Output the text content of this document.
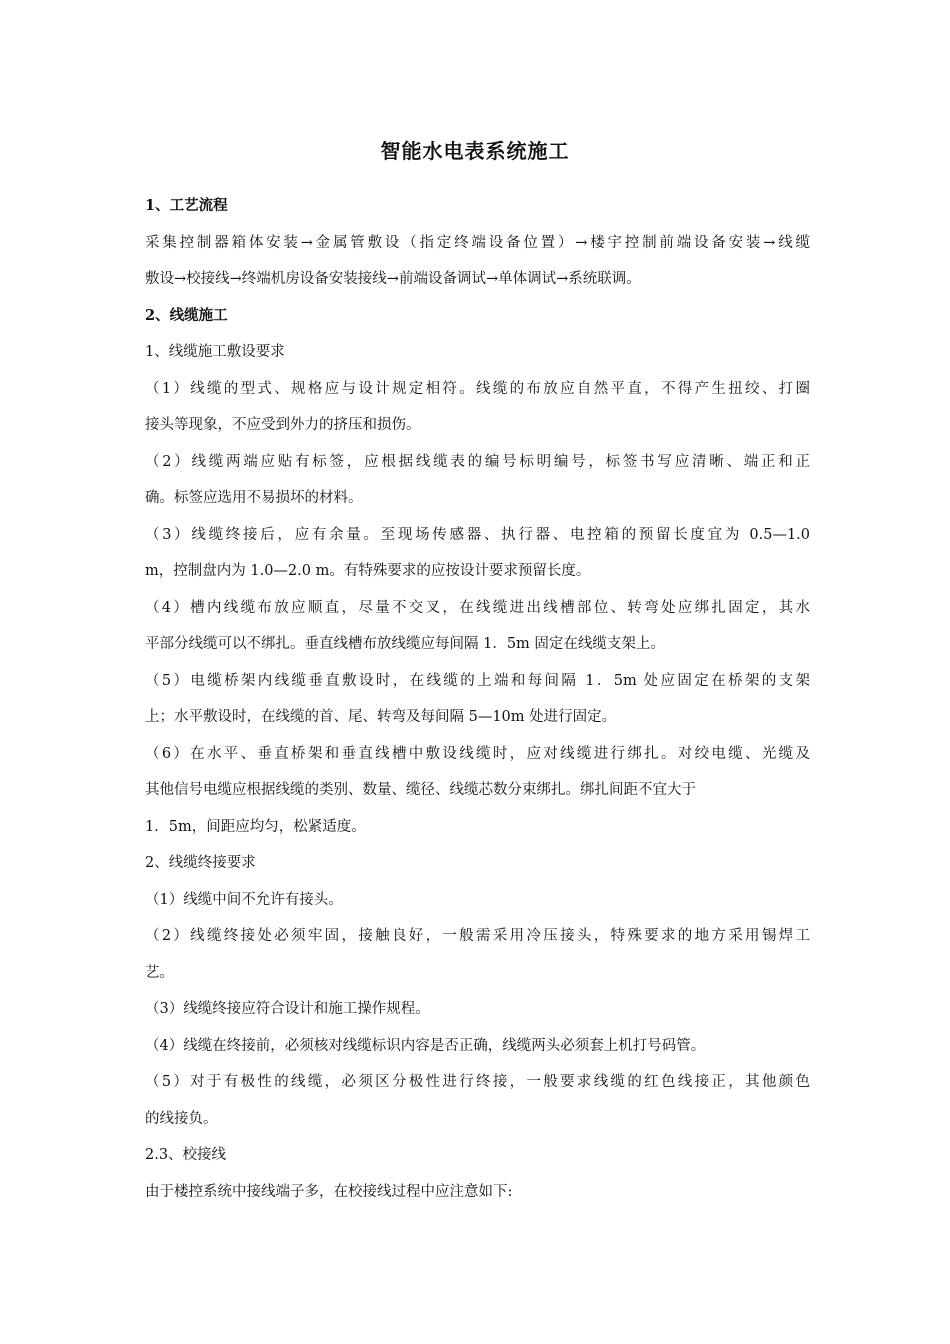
智能水电表系统施工
1、工艺流程
采集控制器箱体安装→金属管敷设（指定终端设备位置）→楼宇控制前端设备安装→线缆
敷设→校接线→终端机房设备安装接线→前端设备调试→单体调试→系统联调。
2、线缆施工
1、线缆施工敷设要求
（1）线缆的型式、规格应与设计规定相符。线缆的布放应自然平直，不得产生扭绞、打圈
接头等现象，不应受到外力的挤压和损伤。
（2）线缆两端应贴有标签，应根据线缆表的编号标明编号，标签书写应清晰、端正和正
确。标签应选用不易损坏的材料。
（3）线缆终接后，应有余量。至现场传感器、执行器、电控箱的预留长度宜为 0.5—1.0
m，控制盘内为 1.0—2.0 m。有特殊要求的应按设计要求预留长度。
（4）槽内线缆布放应顺直，尽量不交叉，在线缆进出线槽部位、转弯处应绑扎固定，其水
平部分线缆可以不绑扎。垂直线槽布放线缆应每间隔 1．5m 固定在线缆支架上。
（5）电缆桥架内线缆垂直敷设时，在线缆的上端和每间隔 1．5m 处应固定在桥架的支架
上；水平敷设时，在线缆的首、尾、转弯及每间隔 5—10m 处进行固定。
（6）在水平、垂直桥架和垂直线槽中敷设线缆时，应对线缆进行绑扎。对绞电缆、光缆及
其他信号电缆应根据线缆的类别、数量、缆径、线缆芯数分束绑扎。绑扎间距不宜大于
1．5m，间距应均匀，松紧适度。
2、线缆终接要求
（1）线缆中间不允许有接头。
（2）线缆终接处必须牢固，接触良好，一般需采用冷压接头，特殊要求的地方采用锡焊工
艺。
（3）线缆终接应符合设计和施工操作规程。
（4）线缆在终接前，必须核对线缆标识内容是否正确，线缆两头必须套上机打号码管。
（5）对于有极性的线缆，必须区分极性进行终接，一般要求线缆的红色线接正，其他颜色
的线接负。
2.3、校接线
由于楼控系统中接线端子多，在校接线过程中应注意如下:
